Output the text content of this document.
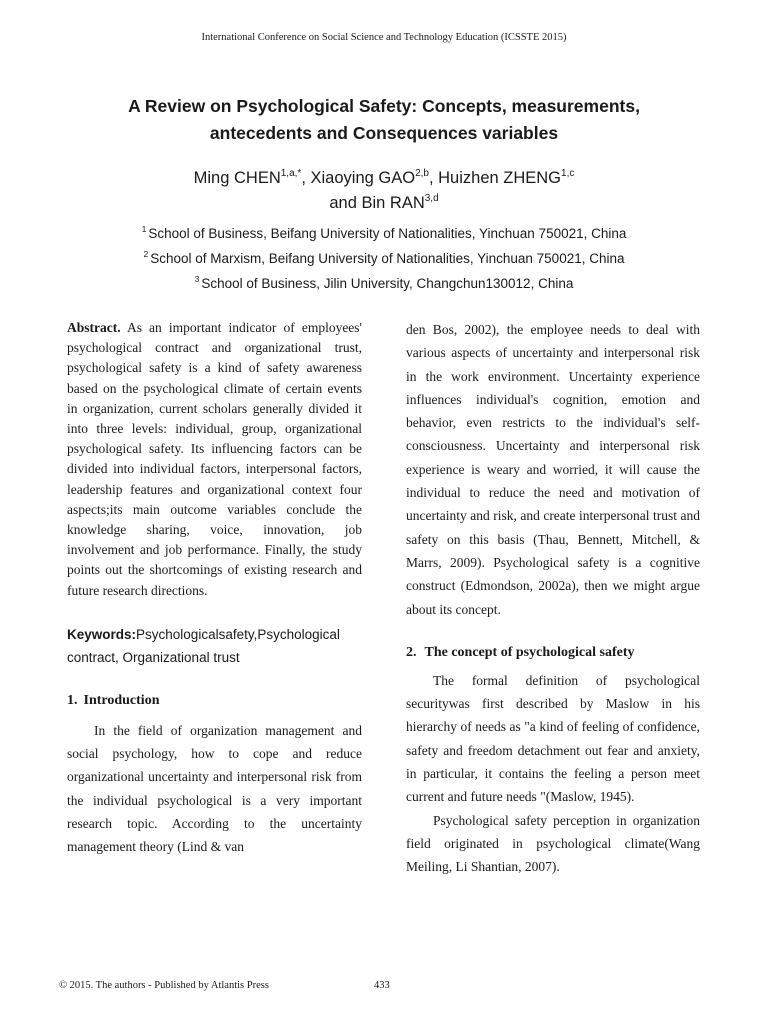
International Conference on Social Science and Technology Education (ICSSTE 2015)
A Review on Psychological Safety: Concepts, measurements,
antecedents and Consequences variables
Ming $CHEN^{1,a,*}$, Xiaoying GAO$^{2,b}$, Huizhen ZHENG$^{1,c}$
and Bin RAN$^{3,d}$
$^1$ School of Business, Beifang University of Nationalities, Yinchuan 750021, China
$^2$ School of Marxism, Beifang University of Nationalities, Yinchuan 750021, China
$^3$ School of Business, Jilin University, Changchun130012, China

Abstract. As an important indicator of employees' psychological contract and organizational trust, psychological safety is a kind of safety awareness based on the psychological climate of certain events in organization, current scholars generally divided it into three levels: individual, group, organizational psychological safety. Its influencing factors can be divided into individual factors, interpersonal factors, leadership features and organizational context four aspects;its main outcome variables conclude the knowledge sharing, voice, innovation, job involvement and job performance. Finally, the study points out the shortcomings of existing research and future research directions.

Keywords:Psychologicalsafety,Psychological contract, Organizational trust
1. Introduction

In the field of organization management and social psychology, how to cope and reduce organizational uncertainty and interpersonal risk from the individual psychological is a very important research topic. According to the uncertainty management theory (Lind & van

den Bos, 2002), the employee needs to deal with various aspects of uncertainty and interpersonal risk in the work environment. Uncertainty experience influences individual's cognition, emotion and behavior, even restricts to the individual's self-consciousness. Uncertainty and interpersonal risk experience is weary and worried, it will cause the individual to reduce the need and motivation of uncertainty and risk, and create interpersonal trust and safety on this basis (Thau, Bennett, Mitchell, & Marrs, 2009). Psychological safety is a cognitive construct (Edmondson, 2002a), then we might argue about its concept.

2. The concept of psychological safety

The formal definition of psychological securitywas first described by Maslow in his hierarchy of needs as "a kind of feeling of confidence, safety and freedom detachment out fear and anxiety, in particular, it contains the feeling a person meet current and future needs "(Maslow, 1945).

Psychological safety perception in organization field originated in psychological climate(Wang Meiling, Li Shantian, 2007).

© 2015. The authors - Published by Atlantis Press	433
